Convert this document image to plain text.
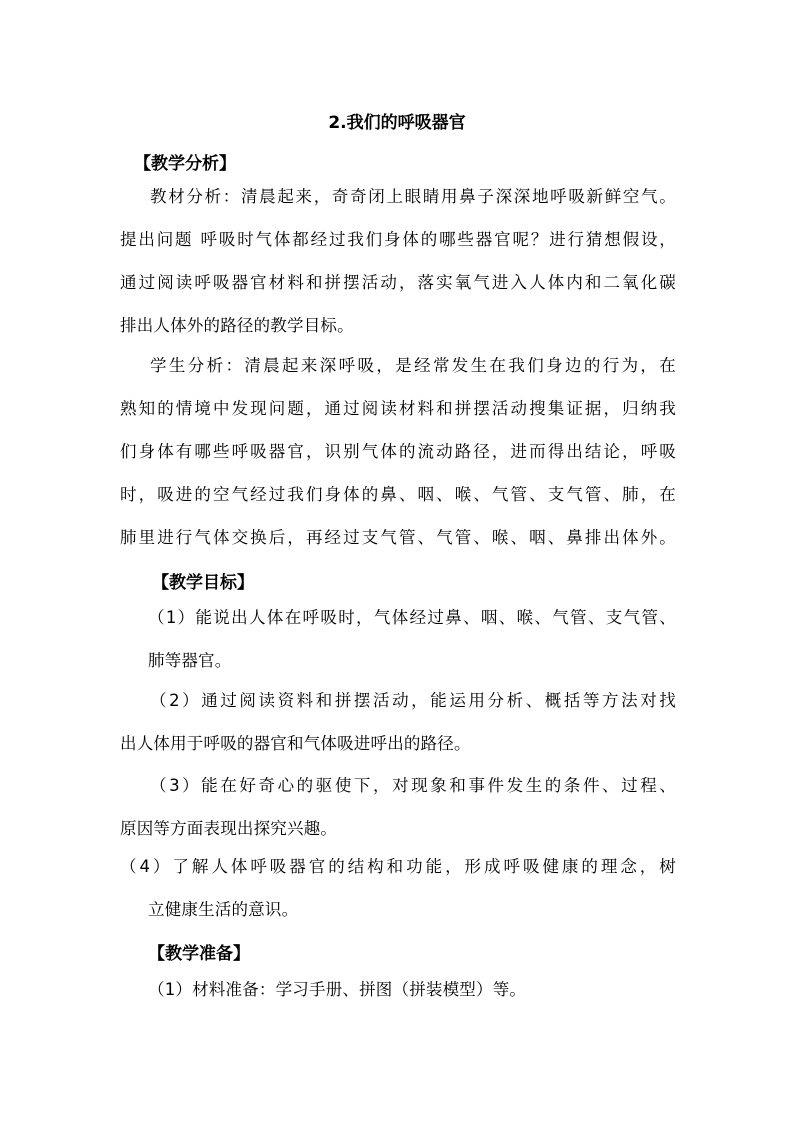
2.我们的呼吸器官
【教学分析】
教材分析：清晨起来，奇奇闭上眼睛用鼻子深深地呼吸新鲜空气。
提出问题 呼吸时气体都经过我们身体的哪些器官呢？进行猜想假设，
通过阅读呼吸器官材料和拼摆活动，落实氧气进入人体内和二氧化碳
排出人体外的路径的教学目标。
学生分析：清晨起来深呼吸，是经常发生在我们身边的行为，在
熟知的情境中发现问题，通过阅读材料和拼摆活动搜集证据，归纳我
们身体有哪些呼吸器官，识别气体的流动路径，进而得出结论，呼吸
时，吸进的空气经过我们身体的鼻、咽、喉、气管、支气管、肺，在
肺里进行气体交换后，再经过支气管、气管、喉、咽、鼻排出体外。
【教学目标】
（1）能说出人体在呼吸时，气体经过鼻、咽、喉、气管、支气管、
肺等器官。
（2）通过阅读资料和拼摆活动，能运用分析、概括等方法对找
出人体用于呼吸的器官和气体吸进呼出的路径。
（3）能在好奇心的驱使下，对现象和事件发生的条件、过程、
原因等方面表现出探究兴趣。
（4）了解人体呼吸器官的结构和功能，形成呼吸健康的理念，树
立健康生活的意识。
【教学准备】
（1）材料准备：学习手册、拼图（拼装模型）等。
